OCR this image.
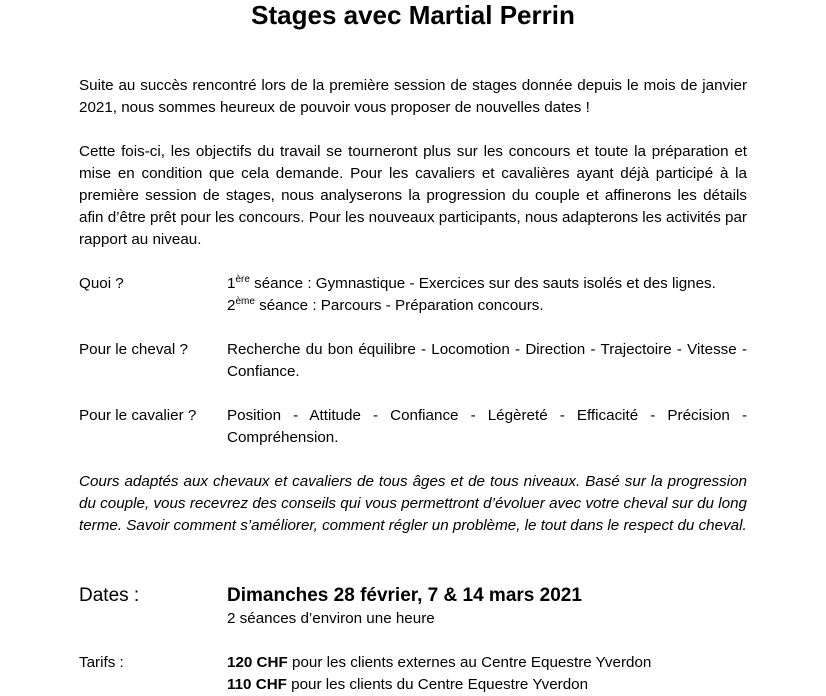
Stages avec Martial Perrin
Suite au succès rencontré lors de la première session de stages donnée depuis le mois de janvier 2021, nous sommes heureux de pouvoir vous proposer de nouvelles dates !
Cette fois-ci, les objectifs du travail se tourneront plus sur les concours et toute la préparation et mise en condition que cela demande. Pour les cavaliers et cavalières ayant déjà participé à la première session de stages, nous analyserons la progression du couple et affinerons les détails afin d’être prêt pour les concours. Pour les nouveaux participants, nous adapterons les activités par rapport au niveau.
Quoi ?	1ère séance : Gymnastique - Exercices sur des sauts isolés et des lignes.
2ème séance : Parcours - Préparation concours.
Pour le cheval ?	Recherche du bon équilibre - Locomotion - Direction - Trajectoire - Vitesse - Confiance.
Pour le cavalier ? Position - Attitude - Confiance - Légèreté - Efficacité - Précision - Compréhension.
Cours adaptés aux chevaux et cavaliers de tous âges et de tous niveaux. Basé sur la progression du couple, vous recevrez des conseils qui vous permettront d’évoluer avec votre cheval sur du long terme. Savoir comment s’améliorer, comment régler un problème, le tout dans le respect du cheval.
Dates :	Dimanches 28 février, 7 & 14 mars 2021
2 séances d’environ une heure
Tarifs :	120 CHF pour les clients externes au Centre Equestre Yverdon
110 CHF pour les clients du Centre Equestre Yverdon
